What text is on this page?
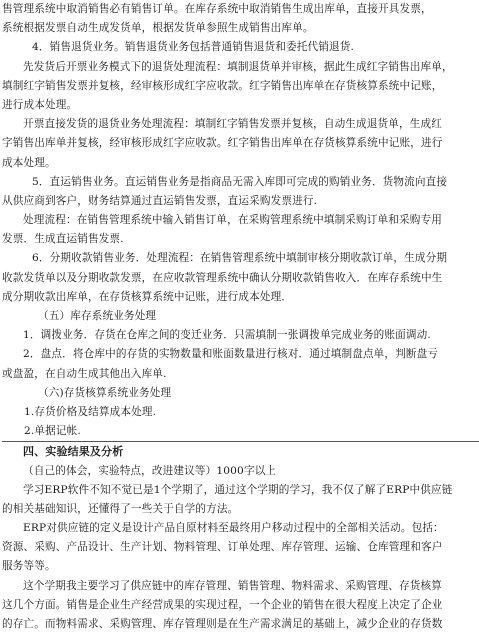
售管理系统中取消销售必有销售订单。在库存系统中取消销售生成出库单，直接开具发票，
系统根据发票自动生成发货单，根据发货单参照生成销售出库单。
4．销售退货业务。销售退货业务包括普通销售退货和委托代销退货.
先发货后开票业务模式下的退货处理流程：填制退货单并审核，据此生成红字销售出库单，
填制红字销售发票并复核，经审核形成红字应收款。红字销售出库单在存货核算系统中记账，
进行成本处理。
开票直接发货的退货业务处理流程：填制红字销售发票并复核，自动生成退货单，生成红
字销售出库单并复核，经审核形成红字应收款。红字销售出库单在存货核算系统中记账，进行
成本处理。
5．直运销售业务。直运销售业务是指商品无需入库即可完成的购销业务．货物流向直接
从供应商到客户，财务结算通过直运销售发票，直运采购发票进行.
处理流程：在销售管理系统中输入销售订单，在采购管理系统中填制采购订单和采购专用
发票．生成直运销售发票.
6．分期收款销售业务．处理流程：在销售管理系统中填制审核分期收款订单，生成分期
收款发货单以及分期收款发票，在应收款管理系统中确认分期收款销售收入．在库存系统中生
成分期收款出库单，在存货核算系统中记账，进行成本处理．
（五）库存系统业务处理
1．调拨业务．存货在仓库之间的变迁业务．只需填制一张调拨单完成业务的账面调动.
2．盘点．将仓库中的存货的实物数量和账面数量进行核对．通过填制盘点单，判断盘亏
或盘盈，在自动生成其他出入库单.
（六)存货核算系统业务处理
1.存货价格及结算成本处理.
2.单据记帐.
四、实验结果及分析
（自己的体会，实验特点，改进建议等）1000字以上
学习ERP软件不知不觉已是1个学期了，通过这个学期的学习，我不仅了解了ERP中供应链
的相关基础知识，还懂得了一些关于自学的方法。
ERP对供应链的定义是设计产品自原材料至最终用户移动过程中的全部相关活动。包括：
资源、采购、产品设计、生产计划、物料管理、订单处理、库存管理、运输、仓库管理和客户
服务等等。
这个学期我主要学习了供应链中的库存管理、销售管理、物料需求、采购管理、存货核算
这几个方面。销售是企业生产经营成果的实现过程，一个企业的销售在很大程度上决定了企业
的存亡。而物料需求、采购管理、库存管理则是在生产需求满足的基础上，减少企业的存货数
